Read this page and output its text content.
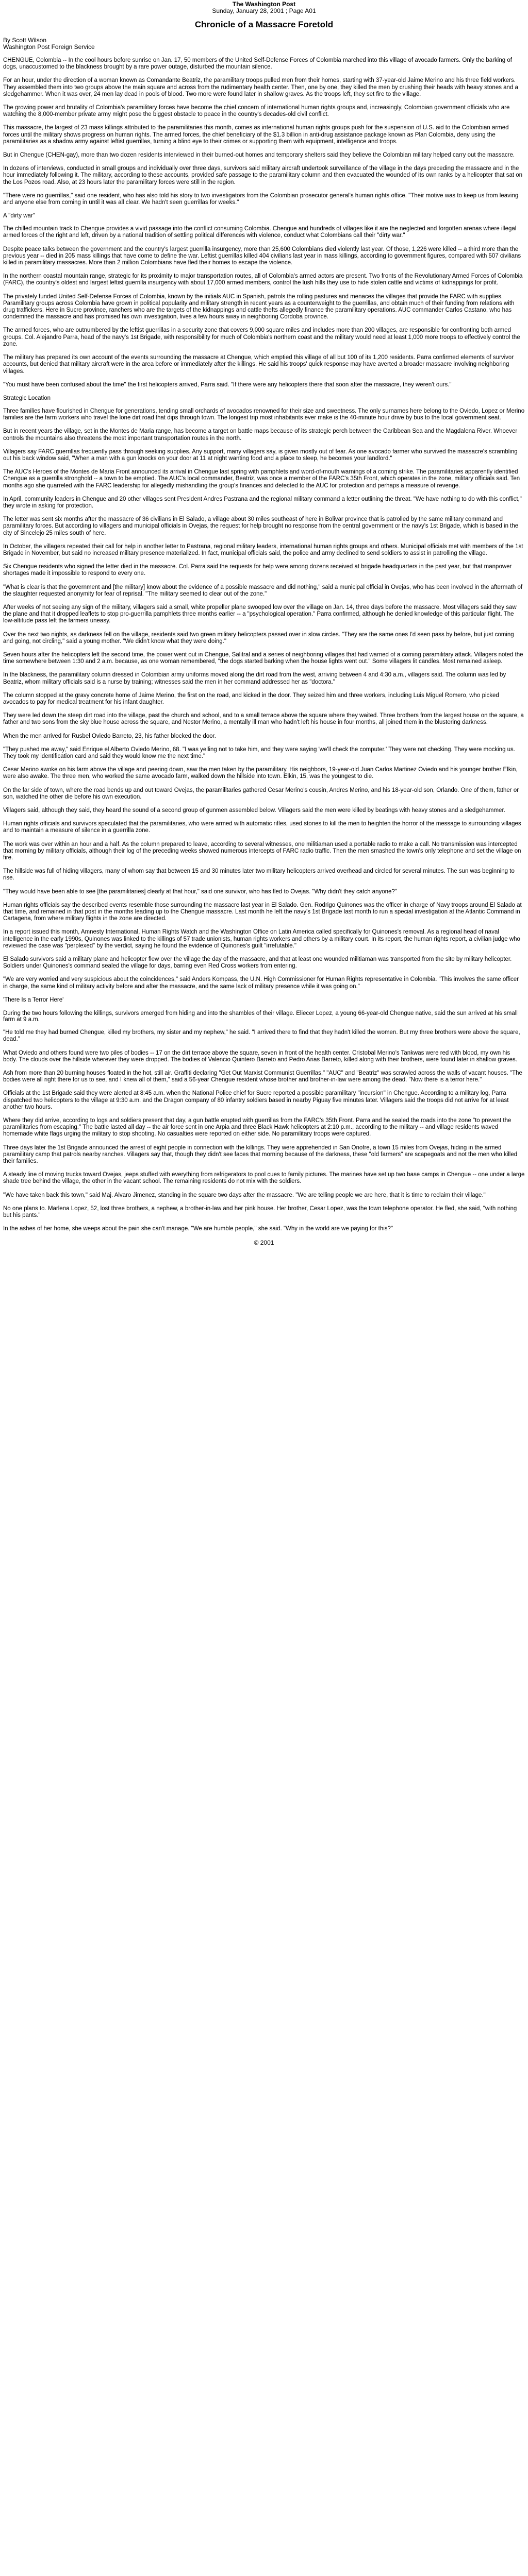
The Washington Post
Sunday, January 28, 2001 ; Page A01
Chronicle of a Massacre Foretold
By Scott Wilson
Washington Post Foreign Service

CHENGUE, Colombia -- In the cool hours before sunrise on Jan. 17, 50 members of the United Self-Defense Forces of Colombia marched into this village of avocado farmers. Only the barking of dogs, unaccustomed to the blackness brought by a rare power outage, disturbed the mountain silence.

For an hour, under the direction of a woman known as Comandante Beatriz, the paramilitary troops pulled men from their homes, starting with 37-year-old Jaime Merino and his three field workers. They assembled them into two groups above the main square and across from the rudimentary health center. Then, one by one, they killed the men by crushing their heads with heavy stones and a sledgehammer. When it was over, 24 men lay dead in pools of blood. Two more were found later in shallow graves. As the troops left, they set fire to the village.

The growing power and brutality of Colombia's paramilitary forces have become the chief concern of international human rights groups and, increasingly, Colombian government officials who are watching the 8,000-member private army might pose the biggest obstacle to peace in the country's decades-old civil conflict.

This massacre, the largest of 23 mass killings attributed to the paramilitaries this month, comes as international human rights groups push for the suspension of U.S. aid to the Colombian armed forces until the military shows progress on human rights. The armed forces, the chief beneficiary of the $1.3 billion in anti-drug assistance package known as Plan Colombia, deny using the paramilitaries as a shadow army against leftist guerrillas, turning a blind eye to their crimes or supporting them with equipment, intelligence and troops.

But in Chengue (CHEN-gay), more than two dozen residents interviewed in their burned-out homes and temporary shelters said they believe the Colombian military helped carry out the massacre.

In dozens of interviews, conducted in small groups and individually over three days, survivors said military aircraft undertook surveillance of the village in the days preceding the massacre and in the hour immediately following it. The military, according to these accounts, provided safe passage to the paramilitary column and then evacuated the wounded of its own ranks by a helicopter that sat on the Los Pozos road. Also, at 23 hours later the paramilitary forces were still in the region.

"There were no guerrillas," said one resident, who has also told his story to two investigators from the Colombian prosecutor general's human rights office. "Their motive was to keep us from leaving and anyone else from coming in until it was all clear. We hadn't seen guerrillas for weeks."

A "dirty war"

The chilled mountain track to Chengue provides a vivid passage into the conflict consuming Colombia. Chengue and hundreds of villages like it are the neglected and forgotten arenas where illegal armed forces of the right and left, driven by a national tradition of settling political differences with violence, conduct what Colombians call their "dirty war."

Despite peace talks between the government and the country's largest guerrilla insurgency, more than 25,600 Colombians died violently last year. Of those, 1,226 were killed -- a third more than the previous year -- died in 205 mass killings that have come to define the war. Leftist guerrillas killed 404 civilians last year in mass killings, according to government figures, compared with 507 civilians killed in paramilitary massacres. More than 2 million Colombians have fled their homes to escape the violence.

In the northern coastal mountain range, strategic for its proximity to major transportation routes, all of Colombia's armed actors are present. Two fronts of the Revolutionary Armed Forces of Colombia (FARC), the country's oldest and largest leftist guerrilla insurgency with about 17,000 armed members, control the lush hills they use to hide stolen cattle and victims of kidnappings for profit.

The privately funded United Self-Defense Forces of Colombia, known by the initials AUC in Spanish, patrols the rolling pastures and menaces the villages that provide the FARC with supplies. Paramilitary groups across Colombia have grown in political popularity and military strength in recent years as a counterweight to the guerrillas, and obtain much of their funding from relations with drug traffickers. Here in Sucre province, ranchers who are the targets of the kidnappings and cattle thefts allegedly finance the paramilitary operations. AUC commander Carlos Castano, who has condemned the massacre and has promised his own investigation, lives a few hours away in neighboring Cordoba province.

The armed forces, who are outnumbered by the leftist guerrillas in a security zone that covers 9,000 square miles and includes more than 200 villages, are responsible for confronting both armed groups. Col. Alejandro Parra, head of the navy's 1st Brigade, with responsibility for much of Colombia's northern coast and the military would need at least 1,000 more troops to effectively control the zone.

The military has prepared its own account of the events surrounding the massacre at Chengue, which emptied this village of all but 100 of its 1,200 residents. Parra confirmed elements of survivor accounts, but denied that military aircraft were in the area before or immediately after the killings. He said his troops' quick response may have averted a broader massacre involving neighboring villages.

"You must have been confused about the time" the first helicopters arrived, Parra said. "If there were any helicopters there that soon after the massacre, they weren't ours."

Strategic Location

Three families have flourished in Chengue for generations, tending small orchards of avocados renowned for their size and sweetness. The only surnames here belong to the Oviedo, Lopez or Merino families are the farm workers who travel the lone dirt road that dips through town. The longest trip most inhabitants ever make is the 40-minute hour drive by bus to the local government seat.

But in recent years the village, set in the Montes de Maria range, has become a target on battle maps because of its strategic perch between the Caribbean Sea and the Magdalena River. Whoever controls the mountains also threatens the most important transportation routes in the north.

Villagers say FARC guerrillas frequently pass through seeking supplies. Any support, many villagers say, is given mostly out of fear. As one avocado farmer who survived the massacre's scrambling out his back window said, "When a man with a gun knocks on your door at 11 at night wanting food and a place to sleep, he becomes your landlord."

The AUC's Heroes of the Montes de Maria Front announced its arrival in Chengue last spring with pamphlets and word-of-mouth warnings of a coming strike. The paramilitaries apparently identified Chengue as a guerrilla stronghold -- a town to be emptied. The AUC's local commander, Beatriz, was once a member of the FARC's 35th Front, which operates in the zone, military officials said. Ten months ago she quarreled with the FARC leadership for allegedly mishandling the group's finances and defected to the AUC for protection and perhaps a measure of revenge.

In April, community leaders in Chengue and 20 other villages sent President Andres Pastrana and the regional military command a letter outlining the threat. "We have nothing to do with this conflict," they wrote in asking for protection.

The letter was sent six months after the massacre of 36 civilians in El Salado, a village about 30 miles southeast of here in Bolivar province that is patrolled by the same military command and paramilitary forces. But according to villagers and municipal officials in Ovejas, the request for help brought no response from the central government or the navy's 1st Brigade, which is based in the city of Sincelejo 25 miles south of here.

In October, the villagers repeated their call for help in another letter to Pastrana, regional military leaders, international human rights groups and others. Municipal officials met with members of the 1st Brigade in November, but said no increased military presence materialized. In fact, municipal officials said, the police and army declined to send soldiers to assist in patrolling the village.

Six Chengue residents who signed the letter died in the massacre. Col. Parra said the requests for help were among dozens received at brigade headquarters in the past year, but that manpower shortages made it impossible to respond to every one.

"What is clear is that the government and [the military] know about the evidence of a possible massacre and did nothing," said a municipal official in Ovejas, who has been involved in the aftermath of the slaughter requested anonymity for fear of reprisal. "The military seemed to clear out of the zone."

After weeks of not seeing any sign of the military, villagers said a small, white propeller plane swooped low over the village on Jan. 14, three days before the massacre. Most villagers said they saw the plane and that it dropped leaflets to stop pro-guerrilla pamphlets three months earlier -- a "psychological operation." Parra confirmed, although he denied knowledge of this particular flight. The low-altitude pass left the farmers uneasy.

Over the next two nights, as darkness fell on the village, residents said two green military helicopters passed over in slow circles. "They are the same ones I'd seen pass by before, but just coming and going, not circling," said a young mother. "We didn't know what they were doing."

Seven hours after the helicopters left the second time, the power went out in Chengue, Salitral and a series of neighboring villages that had warned of a coming paramilitary attack. Villagers noted the time somewhere between 1:30 and 2 a.m. because, as one woman remembered, "the dogs started barking when the house lights went out." Some villagers lit candles. Most remained asleep.

In the blackness, the paramilitary column dressed in Colombian army uniforms moved along the dirt road from the west, arriving between 4 and 4:30 a.m., villagers said. The column was led by Beatriz, whom military officials said is a nurse by training; witnesses said the men in her command addressed her as "doctora."

The column stopped at the gravy concrete home of Jaime Merino, the first on the road, and kicked in the door. They seized him and three workers, including Luis Miguel Romero, who picked avocados to pay for medical treatment for his infant daughter.

They were led down the steep dirt road into the village, past the church and school, and to a small terrace above the square where they waited. Three brothers from the largest house on the square, a father and two sons from the sky blue house across the square, and Nestor Merino, a mentally ill man who hadn't left his house in four months, all joined them in the blustering darkness.

When the men arrived for Rusbel Oviedo Barreto, 23, his father blocked the door.

"They pushed me away," said Enrique el Alberto Oviedo Merino, 68. "I was yelling not to take him, and they were saying 'we'll check the computer.' They were not checking. They were mocking us. They took my identification card and said they would know me the next time."

Cesar Merino awoke on his farm above the village and peering down, saw the men taken by the paramilitary. His neighbors, 19-year-old Juan Carlos Martinez Oviedo and his younger brother Elkin, were also awake. The three men, who worked the same avocado farm, walked down the hillside into town. Elkin, 15, was the youngest to die.

On the far side of town, where the road bends up and out toward Ovejas, the paramilitaries gathered Cesar Merino's cousin, Andres Merino, and his 18-year-old son, Orlando. One of them, father or son, watched the other die before his own execution.

Villagers said, although they said, they heard the sound of a second group of gunmen assembled below. Villagers said the men were killed by beatings with heavy stones and a sledgehammer.

Human rights officials and survivors speculated that the paramilitaries, who were armed with automatic rifles, used stones to kill the men to heighten the horror of the message to surrounding villages and to maintain a measure of silence in a guerrilla zone.

The work was over within an hour and a half. As the column prepared to leave, according to several witnesses, one militiaman used a portable radio to make a call. No transmission was intercepted that morning by military officials, although their log of the preceding weeks showed numerous intercepts of FARC radio traffic. Then the men smashed the town's only telephone and set the village on fire.

The hillside was full of hiding villagers, many of whom say that between 15 and 30 minutes later two military helicopters arrived overhead and circled for several minutes. The sun was beginning to rise.

"They would have been able to see [the paramilitaries] clearly at that hour," said one survivor, who has fled to Ovejas. "Why didn't they catch anyone?"

Human rights officials say the described events resemble those surrounding the massacre last year in El Salado. Gen. Rodrigo Quinones was the officer in charge of Navy troops around El Salado at that time, and remained in that post in the months leading up to the Chengue massacre. Last month he left the navy's 1st Brigade last month to run a special investigation at the Atlantic Command in Cartagena, from where military flights in the zone are directed.

In a report issued this month, Amnesty International, Human Rights Watch and the Washington Office on Latin America called specifically for Quinones's removal. As a regional head of naval intelligence in the early 1990s, Quinones was linked to the killings of 57 trade unionists, human rights workers and others by a military court. In its report, the human rights report, a civilian judge who reviewed the case was "perplexed" by the verdict, saying he found the evidence of Quinones's guilt "irrefutable."

El Salado survivors said a military plane and helicopter flew over the village the day of the massacre, and that at least one wounded militiaman was transported from the site by military helicopter. Soldiers under Quinones's command sealed the village for days, barring even Red Cross workers from entering.

"We are very worried and very suspicious about the coincidences," said Anders Kompass, the U.N. High Commissioner for Human Rights representative in Colombia. "This involves the same officer in charge, the same kind of military activity before and after the massacre, and the same lack of military presence while it was going on."

'There Is a Terror Here'

During the two hours following the killings, survivors emerged from hiding and into the shambles of their village. Eliecer Lopez, a young 66-year-old Chengue native, said the sun arrived at his small farm at 9 a.m.

"He told me they had burned Chengue, killed my brothers, my sister and my nephew," he said. "I arrived there to find that they hadn't killed the women. But my three brothers were above the square, dead."

What Oviedo and others found were two piles of bodies -- 17 on the dirt terrace above the square, seven in front of the health center. Cristobal Merino's Tankwas were red with blood, my own his body. The clouds over the hillside wherever they were dropped. The bodies of Valencio Quintero Barreto and Pedro Arias Barreto, killed along with their brothers, were found later in shallow graves.

Ash from more than 20 burning houses floated in the hot, still air. Graffiti declaring "Get Out Marxist Communist Guerrillas," "AUC" and "Beatriz" was scrawled across the walls of vacant houses. "The bodies were all right there for us to see, and I knew all of them," said a 56-year Chengue resident whose brother and brother-in-law were among the dead. "Now there is a terror here."

Officials at the 1st Brigade said they were alerted at 8:45 a.m. when the National Police chief for Sucre reported a possible paramilitary "incursion" in Chengue. According to a military log, Parra dispatched two helicopters to the village at 9:30 a.m. and the Dragon company of 80 infantry soldiers based in nearby Piguay five minutes later. Villagers said the troops did not arrive for at least another two hours.

Where they did arrive, according to logs and soldiers present that day, a gun battle erupted with guerrillas from the FARC's 35th Front. Parra and he sealed the roads into the zone "to prevent the paramilitaries from escaping." The battle lasted all day -- the air force sent in one Arpia and three Black Hawk helicopters at 2:10 p.m., according to the military -- and village residents waved homemade white flags urging the military to stop shooting. No casualties were reported on either side. No paramilitary troops were captured.

Three days later the 1st Brigade announced the arrest of eight people in connection with the killings. They were apprehended in San Onofre, a town 15 miles from Ovejas, hiding in the armed paramilitary camp that patrols nearby ranches. Villagers say that, though they didn't see faces that morning because of the darkness, these "old farmers" are scapegoats and not the men who killed their families.

A steady line of moving trucks toward Ovejas, jeeps stuffed with everything from refrigerators to pool cues to family pictures. The marines have set up two base camps in Chengue -- one under a large shade tree behind the village, the other in the vacant school. The remaining residents do not mix with the soldiers.

"We have taken back this town," said Maj. Alvaro Jimenez, standing in the square two days after the massacre. "We are telling people we are here, that it is time to reclaim their village."

No one plans to. Marlena Lopez, 52, lost three brothers, a nephew, a brother-in-law and her pink house. Her brother, Cesar Lopez, was the town telephone operator. He fled, she said, "with nothing but his pants."

In the ashes of her home, she weeps about the pain she can't manage. "We are humble people," she said. "Why in the world are we paying for this?"

© 2001
